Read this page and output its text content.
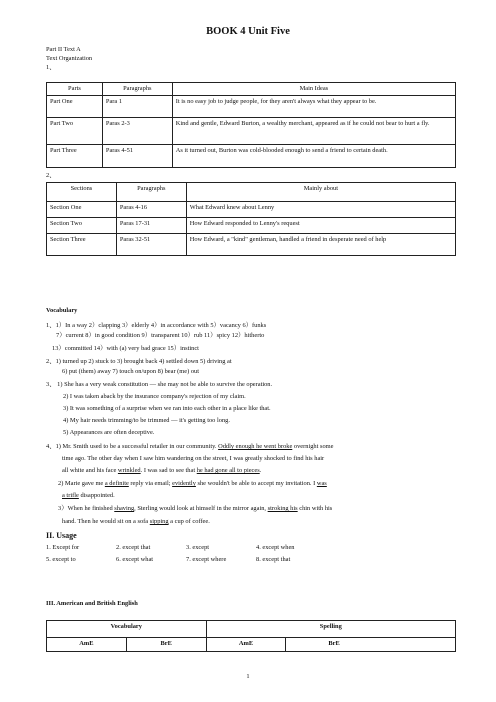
BOOK 4 Unit Five
Part II Text A
Text Organization
1、
Parts	Paragraphs	Main Ideas
Part One	Para 1	It is no easy job to judge people, for they aren't always what they appear to be.
Part Two	Paras 2-3	Kind and gentle, Edward Burton, a wealthy merchant, appeared as if he could not bear to hurt a fly.
Part Three	Paras 4-51	As it turned out, Burton was cold-blooded enough to send a friend to certain death.
2、
Sections	Paragraphs	Mainly about
Section One	Paras 4-16	What Edward knew about Lenny
Section Two	Paras 17-31	How Edward responded to Lenny's request
Section Three	Paras 32-51	How Edward, a "kind" gentleman, handled a friend in desperate need of help
Vocabulary
1、1）In a way 2）clapping 3）elderly 4）in accordance with 5）vacancy 6）funks
7）current 8）in good condition 9）transparent 10）rub 11）spicy 12）hitherto
13）committed 14）with (a) very bad grace 15）instinct
2、1) turned up 2) stuck to 3) brought back 4) settled down 5) driving at
6) put (them) away 7) touch on/upon 8) bear (me) out
3、 1) She has a very weak constitution — she may not be able to survive the operation.
2) I was taken aback by the insurance company's rejection of my claim.
3) It was something of a surprise when we ran into each other in a place like that.
4) My hair needs trimming/to be trimmed — it's getting too long.
5) Appearances are often deceptive.
4、1) Mr. Smith used to be a successful retailer in our community. Oddly enough he went broke overnight some
time ago. The other day when I saw him wandering on the street, I was greatly shocked to find his hair
all white and his face wrinkled. I was sad to see that he had gone all to pieces.
2) Marie gave me a definite reply via email; evidently she wouldn't be able to accept my invitation. I was
a trifle disappointed.
3）When he finished shaving, Sterling would look at himself in the mirror again, stroking his chin with his
hand. Then he would sit on a sofa sipping a cup of coffee.
II. Usage
1. Except for	2. except that	3. except	4. except when
5. except to	6. except what	7. except where	8. except that
III. American and British English
Vocabulary		Spelling	
AmE	BrE	AmE	BrE
1
